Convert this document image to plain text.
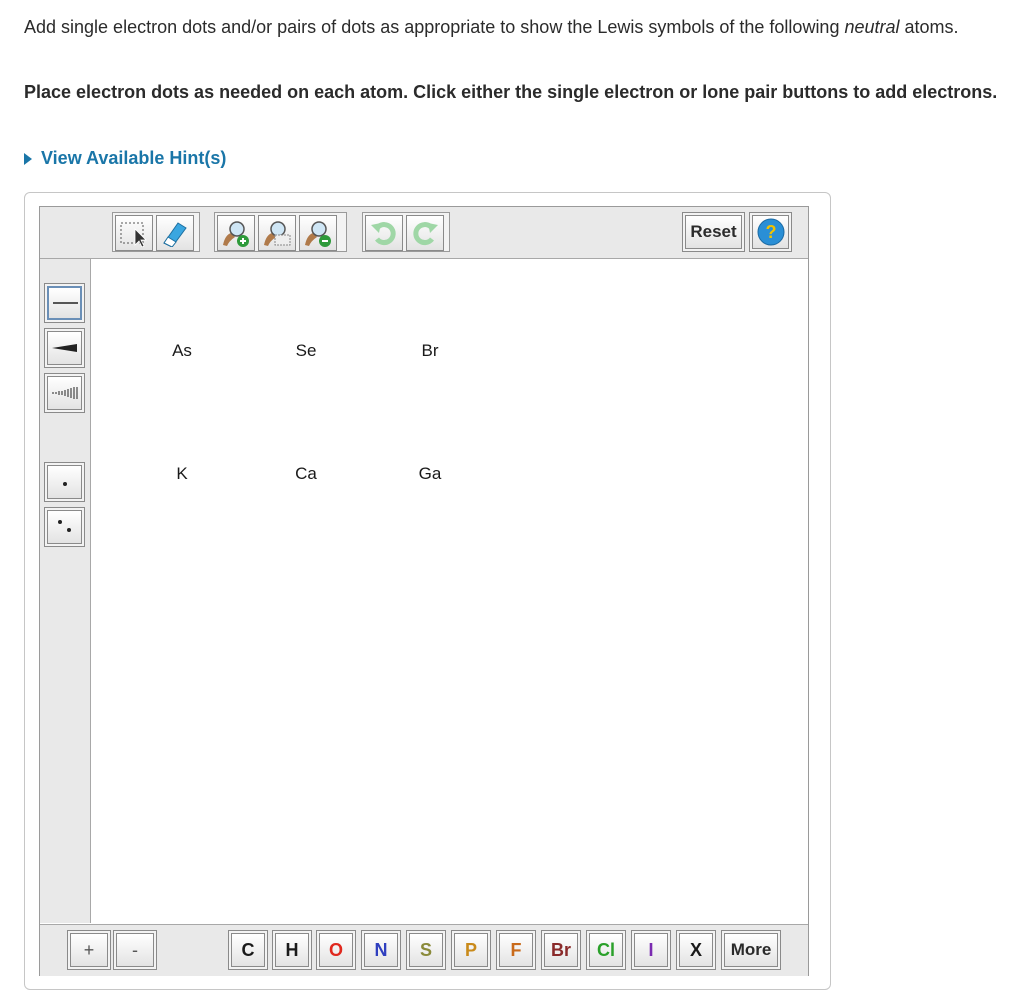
Add single electron dots and/or pairs of dots as appropriate to show the Lewis symbols of the following neutral atoms.
Place electron dots as needed on each atom. Click either the single electron or lone pair buttons to add electrons.
View Available Hint(s)
Reset ?
As	Se	Br
K	Ca	Ga
+	-	C	H	O	N	S	P	F	Br	Cl	I	X	More
